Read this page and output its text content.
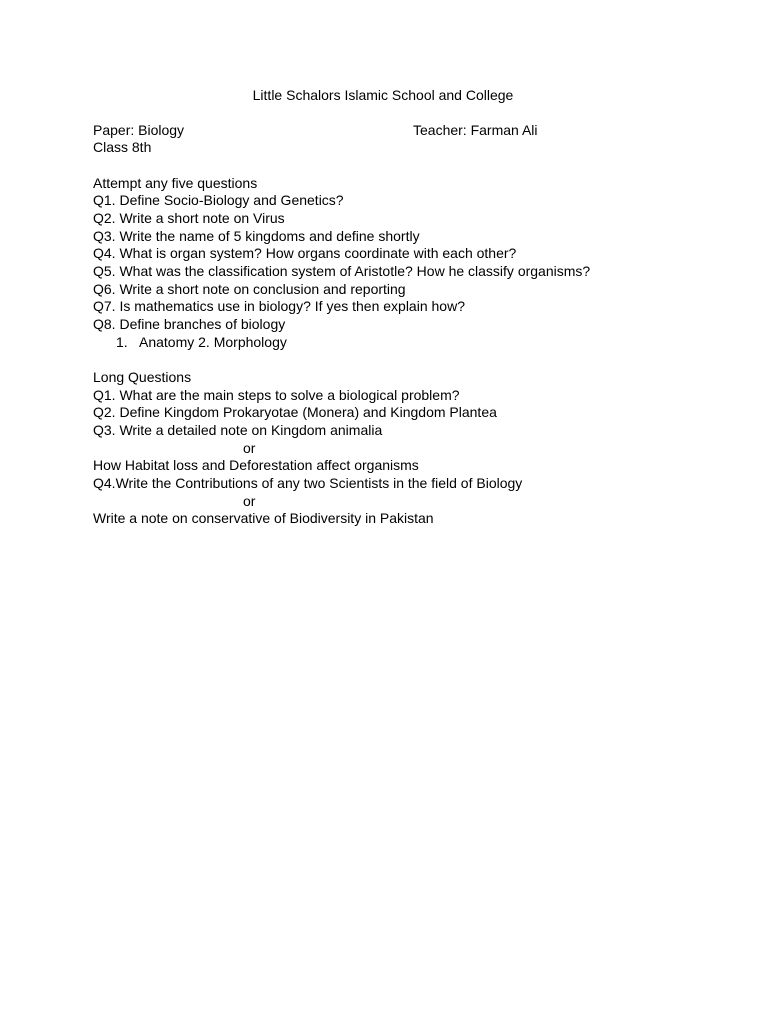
Little Schalors Islamic School and College
Paper: Biology	Teacher: Farman Ali
Class 8th
Attempt any five questions
Q1. Define Socio-Biology and Genetics?
Q2. Write a short note on Virus
Q3. Write the name of 5 kingdoms and define shortly
Q4. What is organ system? How organs coordinate with each other?
Q5. What was the classification system of Aristotle? How he classify organisms?
Q6. Write a short note on conclusion and reporting
Q7. Is mathematics use in biology? If yes then explain how?
Q8. Define branches of biology
1. Anatomy 2. Morphology
Long Questions
Q1. What are the main steps to solve a biological problem?
Q2. Define Kingdom Prokaryotae (Monera) and Kingdom Plantea
Q3. Write a detailed note on Kingdom animalia
or
How Habitat loss and Deforestation affect organisms
Q4.Write the Contributions of any two Scientists in the field of Biology
or
Write a note on conservative of Biodiversity in Pakistan
